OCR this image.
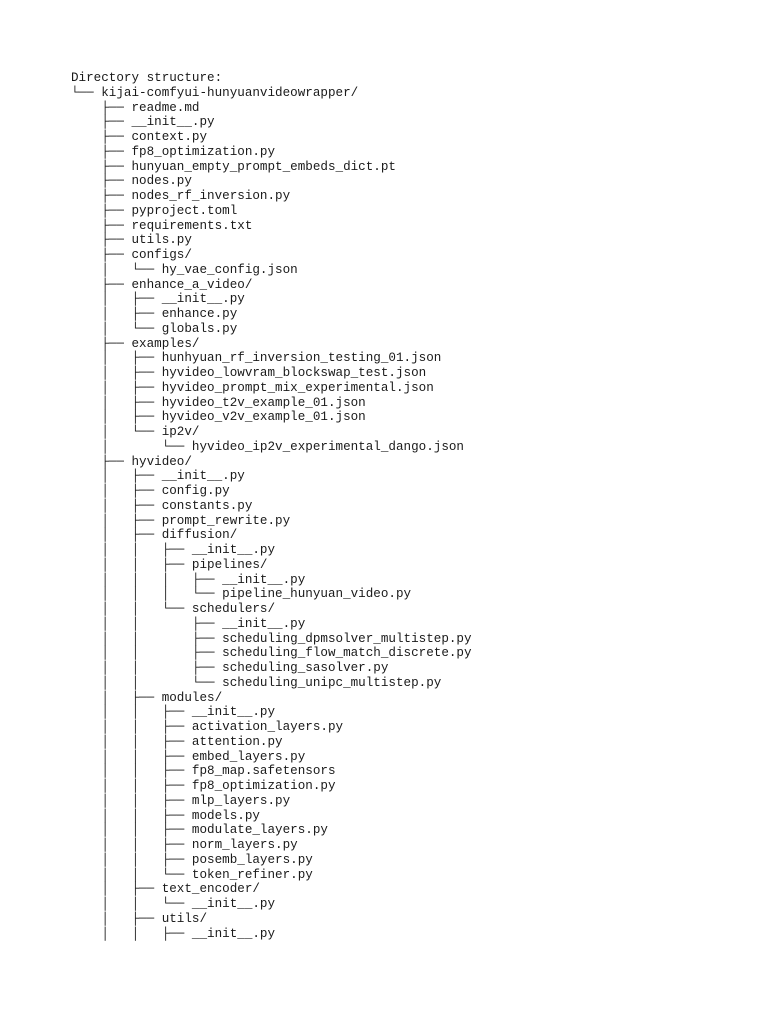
Directory structure:
└── kijai-comfyui-hunyuanvideowrapper/
├── readme.md
├── __init__.py
├── context.py
├── fp8_optimization.py
├── hunyuan_empty_prompt_embeds_dict.pt
├── nodes.py
├── nodes_rf_inversion.py
├── pyproject.toml
├── requirements.txt
├── utils.py
├── configs/
│   └── hy_vae_config.json
├── enhance_a_video/
│   ├── __init__.py
│   ├── enhance.py
│   └── globals.py
├── examples/
│   ├── hunhyuan_rf_inversion_testing_01.json
│   ├── hyvideo_lowvram_blockswap_test.json
│   ├── hyvideo_prompt_mix_experimental.json
│   ├── hyvideo_t2v_example_01.json
│   ├── hyvideo_v2v_example_01.json
│   └── ip2v/
│       └── hyvideo_ip2v_experimental_dango.json
├── hyvideo/
│   ├── __init__.py
│   ├── config.py
│   ├── constants.py
│   ├── prompt_rewrite.py
│   ├── diffusion/
│   │   ├── __init__.py
│   │   ├── pipelines/
│   │   │   ├── __init__.py
│   │   │   └── pipeline_hunyuan_video.py
│   │   └── schedulers/
│   │       ├── __init__.py
│   │       ├── scheduling_dpmsolver_multistep.py
│   │       ├── scheduling_flow_match_discrete.py
│   │       ├── scheduling_sasolver.py
│   │       └── scheduling_unipc_multistep.py
│   ├── modules/
│   │   ├── __init__.py
│   │   ├── activation_layers.py
│   │   ├── attention.py
│   │   ├── embed_layers.py
│   │   ├── fp8_map.safetensors
│   │   ├── fp8_optimization.py
│   │   ├── mlp_layers.py
│   │   ├── models.py
│   │   ├── modulate_layers.py
│   │   ├── norm_layers.py
│   │   ├── posemb_layers.py
│   │   └── token_refiner.py
│   ├── text_encoder/
│   │   └── __init__.py
│   ├── utils/
│   │   ├── __init__.py
